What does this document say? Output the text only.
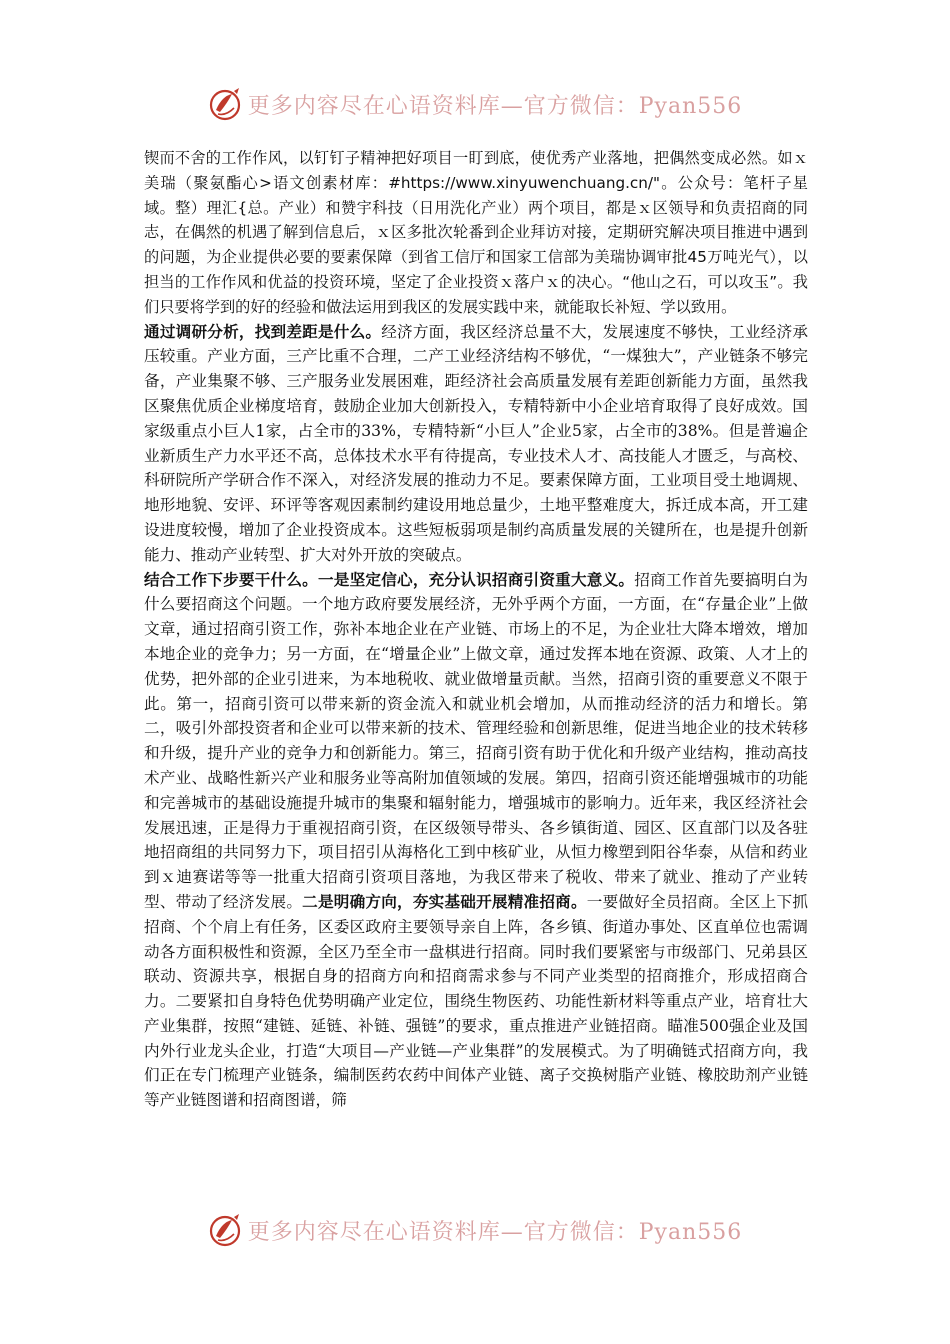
更多内容尽在心语资料库—官方微信：Pyan556

锲而不舍的工作作风，以钉钉子精神把好项目一盯到底，使优秀产业落地，把偶然变成必然。如ｘ美瑞（聚氨酯心>语文创素材库：#https://www.xinyuwenchuang.cn/"。公众号：笔杆子星域。整）理汇{总。产业）和赞宇科技（日用洗化产业）两个项目，都是ｘ区领导和负责招商的同志，在偶然的机遇了解到信息后，ｘ区多批次轮番到企业拜访对接，定期研究解决项目推进中遇到的问题，为企业提供必要的要素保障（到省工信厅和国家工信部为美瑞协调审批45万吨光气），以担当的工作作风和优益的投资环境，坚定了企业投资ｘ落户ｘ的决心。“他山之石，可以攻玉”。我们只要将学到的好的经验和做法运用到我区的发展实践中来，就能取长补短、学以致用。

通过调研分析，找到差距是什么。经济方面，我区经济总量不大，发展速度不够快，工业经济承压较重。产业方面，三产比重不合理，二产工业经济结构不够优，“一煤独大”，产业链条不够完备，产业集聚不够、三产服务业发展困难，距经济社会高质量发展有差距创新能力方面，虽然我区聚焦优质企业梯度培育，鼓励企业加大创新投入，专精特新中小企业培育取得了良好成效。国家级重点小巨人1家，占全市的33%，专精特新“小巨人”企业5家，占全市的38%。但是普遍企业新质生产力水平还不高，总体技术水平有待提高，专业技术人才、高技能人才匮乏，与高校、科研院所产学研合作不深入，对经济发展的推动力不足。要素保障方面，工业项目受土地调规、地形地貌、安评、环评等客观因素制约建设用地总量少，土地平整难度大，拆迁成本高，开工建设进度较慢，增加了企业投资成本。这些短板弱项是制约高质量发展的关键所在，也是提升创新能力、推动产业转型、扩大对外开放的突破点。

结合工作下步要干什么。一是坚定信心，充分认识招商引资重大意义。招商工作首先要搞明白为什么要招商这个问题。一个地方政府要发展经济，无外乎两个方面，一方面，在“存量企业”上做文章，通过招商引资工作，弥补本地企业在产业链、市场上的不足，为企业壮大降本增效，增加本地企业的竞争力；另一方面，在“增量企业”上做文章，通过发挥本地在资源、政策、人才上的优势，把外部的企业引进来，为本地税收、就业做增量贡献。当然，招商引资的重要意义不限于此。第一，招商引资可以带来新的资金流入和就业机会增加，从而推动经济的活力和增长。第二，吸引外部投资者和企业可以带来新的技术、管理经验和创新思维，促进当地企业的技术转移和升级，提升产业的竞争力和创新能力。第三，招商引资有助于优化和升级产业结构，推动高技术产业、战略性新兴产业和服务业等高附加值领域的发展。第四，招商引资还能增强城市的功能和完善城市的基础设施提升城市的集聚和辐射能力，增强城市的影响力。近年来，我区经济社会发展迅速，正是得力于重视招商引资，在区级领导带头、各乡镇街道、园区、区直部门以及各驻地招商组的共同努力下，项目招引从海格化工到中核矿业，从恒力橡塑到阳谷华泰，从信和药业到ｘ迪赛诺等等一批重大招商引资项目落地，为我区带来了税收、带来了就业、推动了产业转型、带动了经济发展。二是明确方向，夯实基础开展精准招商。一要做好全员招商。全区上下抓招商、个个肩上有任务，区委区政府主要领导亲自上阵，各乡镇、街道办事处、区直单位也需调动各方面积极性和资源，全区乃至全市一盘棋进行招商。同时我们要紧密与市级部门、兄弟县区联动、资源共享，根据自身的招商方向和招商需求参与不同产业类型的招商推介，形成招商合力。二要紧扣自身特色优势明确产业定位，围绕生物医药、功能性新材料等重点产业，培育壮大产业集群，按照“建链、延链、补链、强链”的要求，重点推进产业链招商。瞄准500强企业及国内外行业龙头企业，打造“大项目—产业链—产业集群”的发展模式。为了明确链式招商方向，我们正在专门梳理产业链条，编制医药农药中间体产业链、离子交换树脂产业链、橡胶助剂产业链等产业链图谱和招商图谱，筛

更多内容尽在心语资料库—官方微信：Pyan556
